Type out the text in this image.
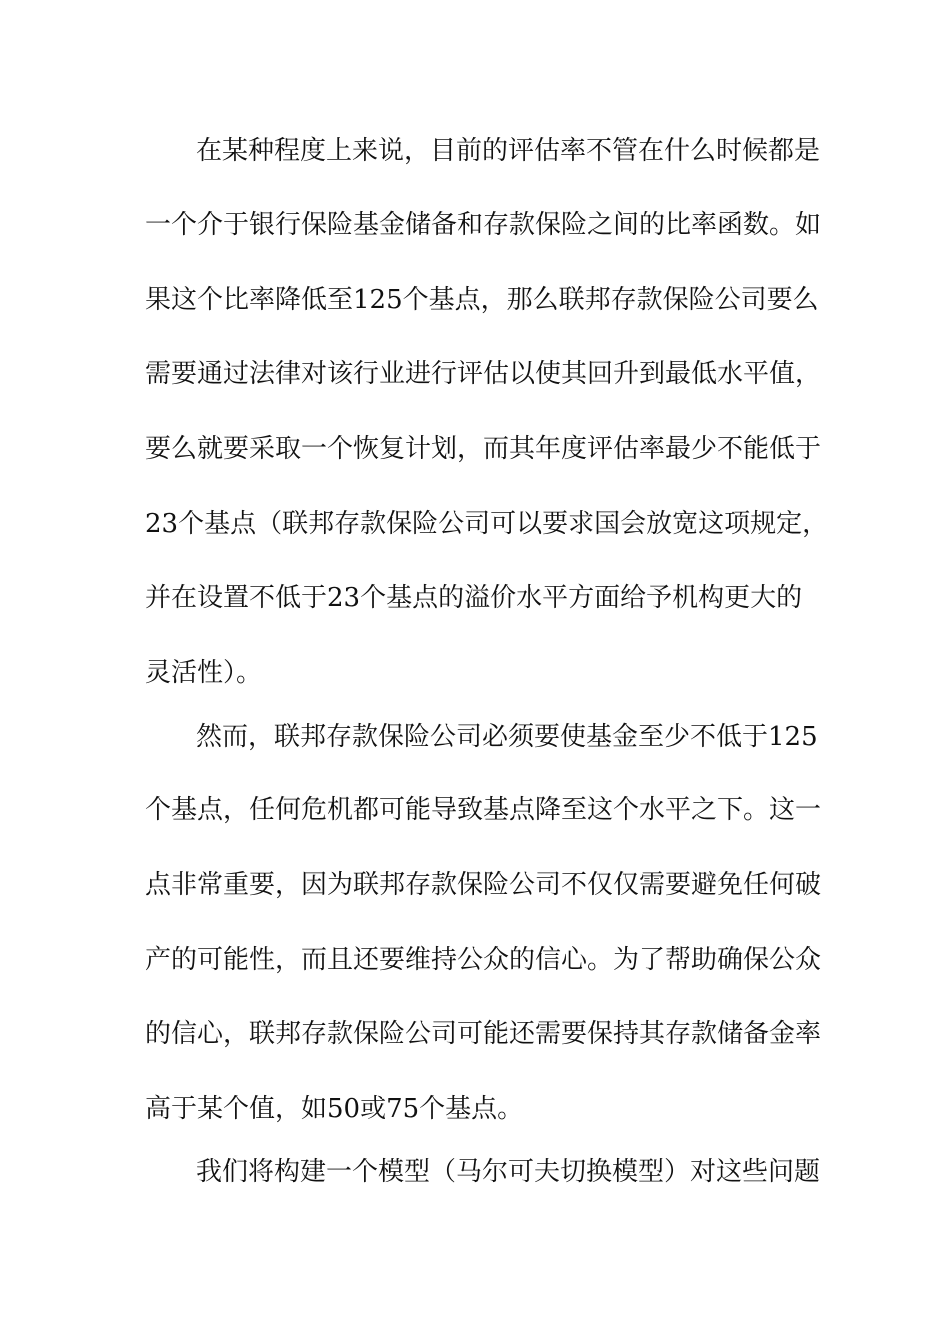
在某种程度上来说，目前的评估率不管在什么时候都是
一个介于银行保险基金储备和存款保险之间的比率函数。如
果这个比率降低至125个基点，那么联邦存款保险公司要么
需要通过法律对该行业进行评估以使其回升到最低水平值，
要么就要采取一个恢复计划，而其年度评估率最少不能低于
23个基点（联邦存款保险公司可以要求国会放宽这项规定，
并在设置不低于23个基点的溢价水平方面给予机构更大的
灵活性）。
然而，联邦存款保险公司必须要使基金至少不低于125
个基点，任何危机都可能导致基点降至这个水平之下。这一
点非常重要，因为联邦存款保险公司不仅仅需要避免任何破
产的可能性，而且还要维持公众的信心。为了帮助确保公众
的信心，联邦存款保险公司可能还需要保持其存款储备金率
高于某个值，如50或75个基点。
我们将构建一个模型（马尔可夫切换模型）对这些问题
